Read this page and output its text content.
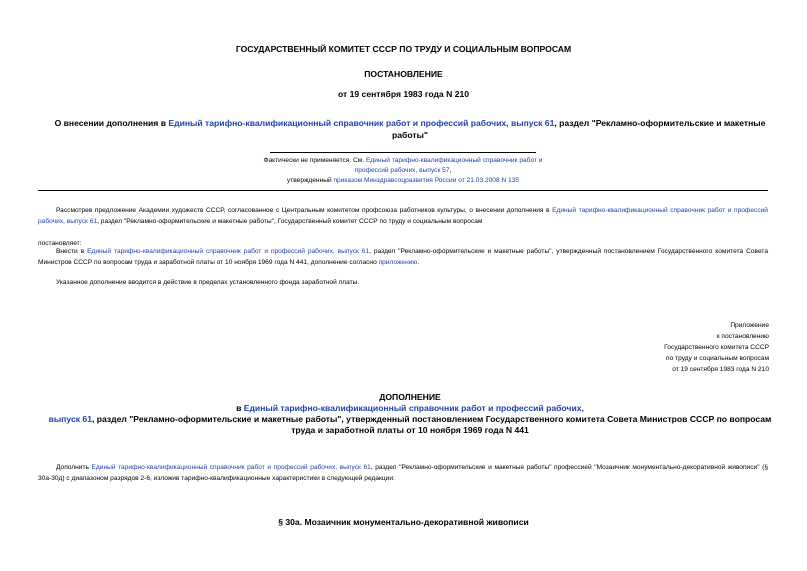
ГОСУДАРСТВЕННЫЙ КОМИТЕТ СССР ПО ТРУДУ И СОЦИАЛЬНЫМ ВОПРОСАМ
ПОСТАНОВЛЕНИЕ
от 19 сентября 1983 года N 210
О внесении дополнения в Единый тарифно-квалификационный справочник работ и профессий рабочих, выпуск 61, раздел "Рекламно-оформительские и макетные работы"
Фактически не применяется. См. Единый тарифно-квалификационный справочник работ и профессий рабочих, выпуск 57,
утвержденный приказом Минздравсоцразвития России от 21.03.2008 N 135
Рассмотрев предложение Академии художеств СССР, согласованное с Центральным комитетом профсоюза работников культуры, о внесении дополнения в Единый тарифно-квалификационный справочник работ и профессий рабочих, выпуск 61, раздел "Рекламно-оформительские и макетные работы", Государственный комитет СССР по труду и социальным вопросам
постановляет:
Внести в Единый тарифно-квалификационный справочник работ и профессий рабочих, выпуск 61, раздел "Рекламно-оформительские и макетные работы", утвержденный постановлением Государственного комитета Совета Министров СССР по вопросам труда и заработной платы от 10 ноября 1969 года N 441, дополнение согласно приложению.
Указанное дополнение вводится в действие в пределах установленного фонда заработной платы.
Приложение
к постановлению
Государственного комитета СССР
по труду и социальным вопросам
от 19 сентября 1983 года N 210
ДОПОЛНЕНИЕ
в Единый тарифно-квалификационный справочник работ и профессий рабочих,
выпуск 61, раздел "Рекламно-оформительские и макетные работы", утвержденный постановлением Государственного комитета Совета Министров СССР по вопросам
труда и заработной платы от 10 ноября 1969 года N 441
Дополнить Единый тарифно-квалификационный справочник работ и профессий рабочих, выпуск 61, раздел "Рекламно-оформительские и макетные работы" профессией "Мозаичник монументально-декоративной живописи" (§ 30а-30д) с диапазоном разрядов 2-6, изложив тарифно-квалификационные характеристики в следующей редакции:
§ 30а. Мозаичник монументально-декоративной живописи
